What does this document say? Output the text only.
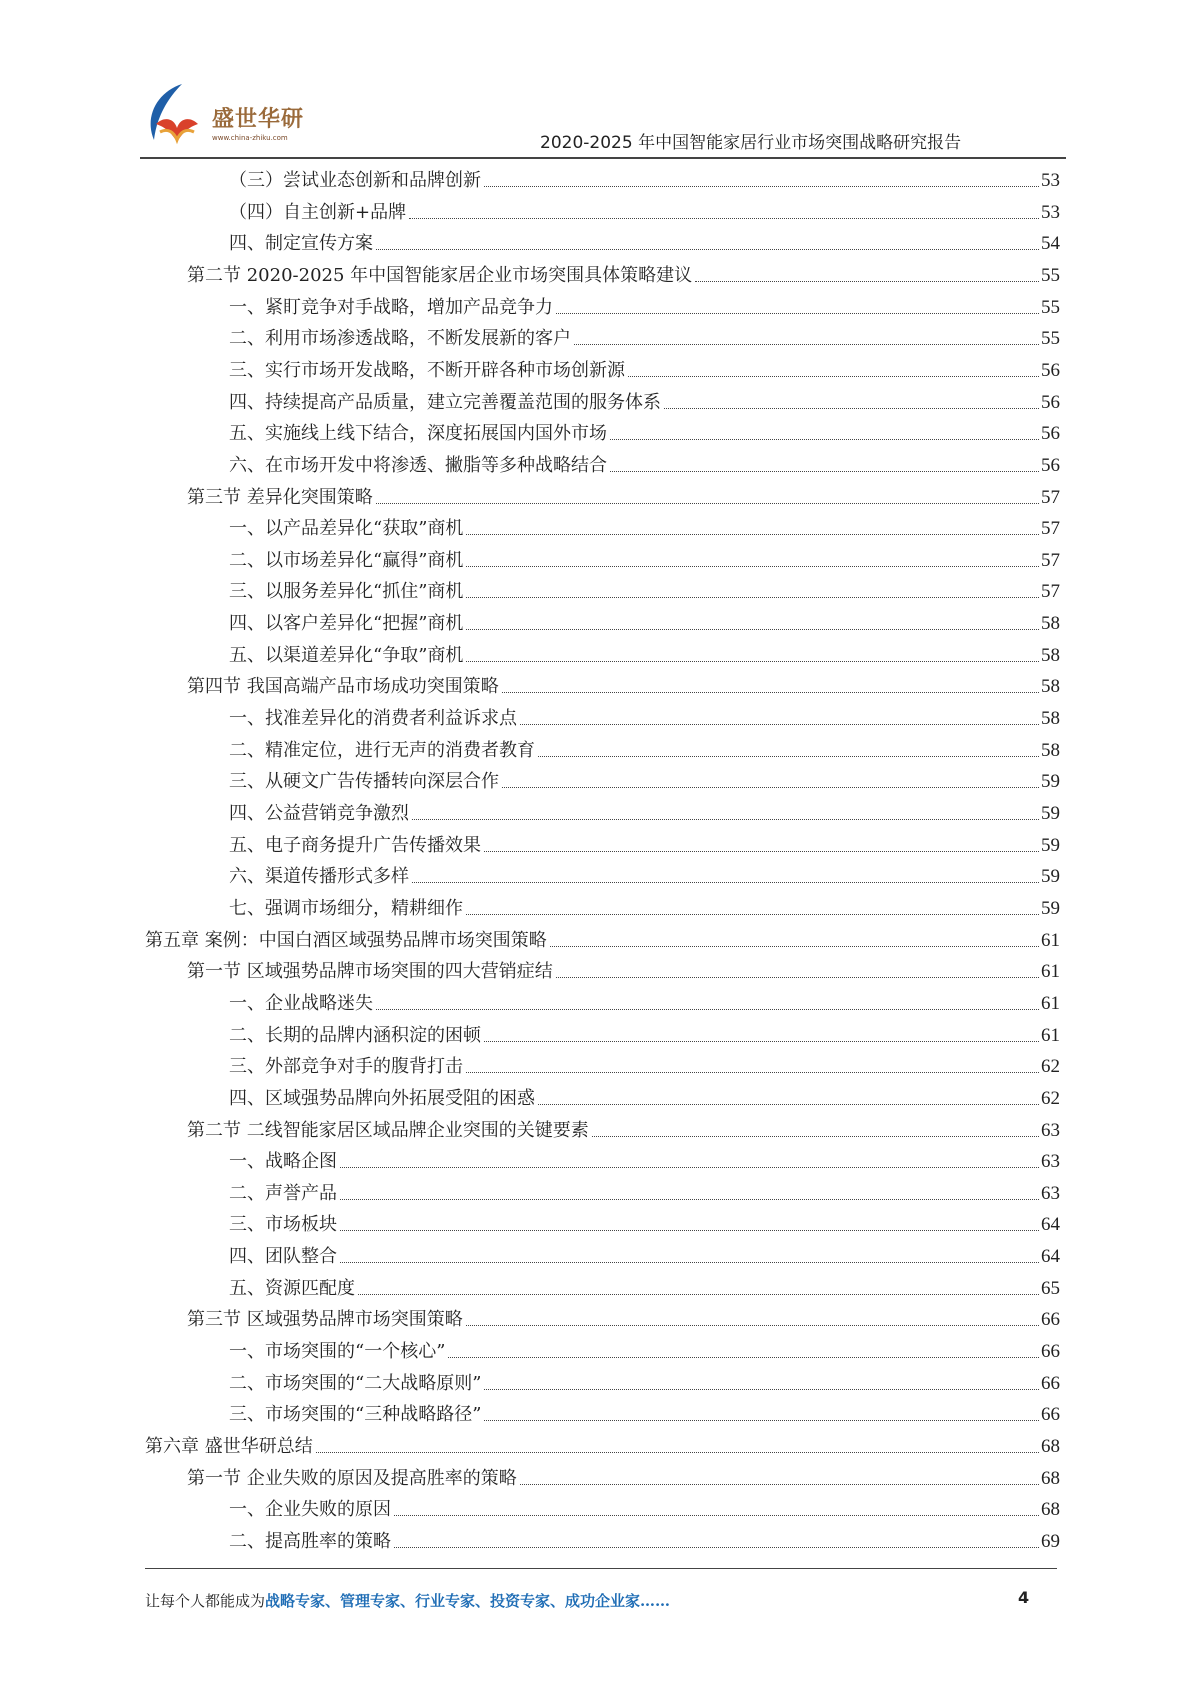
盛世华研
www.china-zhiku.com	2020-2025 年中国智能家居行业市场突围战略研究报告
（三）尝试业态创新和品牌创新	53
（四）自主创新+品牌	53
四、制定宣传方案	54
第二节 2020-2025 年中国智能家居企业市场突围具体策略建议	55
一、紧盯竞争对手战略，增加产品竞争力	55
二、利用市场渗透战略，不断发展新的客户	55
三、实行市场开发战略，不断开辟各种市场创新源	56
四、持续提高产品质量，建立完善覆盖范围的服务体系	56
五、实施线上线下结合，深度拓展国内国外市场	56
六、在市场开发中将渗透、撇脂等多种战略结合	56
第三节 差异化突围策略	57
一、以产品差异化“获取”商机	57
二、以市场差异化“赢得”商机	57
三、以服务差异化“抓住”商机	57
四、以客户差异化“把握”商机	58
五、以渠道差异化“争取”商机	58
第四节 我国高端产品市场成功突围策略	58
一、找准差异化的消费者利益诉求点	58
二、精准定位，进行无声的消费者教育	58
三、从硬文广告传播转向深层合作	59
四、公益营销竞争激烈	59
五、电子商务提升广告传播效果	59
六、渠道传播形式多样	59
七、强调市场细分，精耕细作	59
第五章 案例：中国白酒区域强势品牌市场突围策略	61
第一节 区域强势品牌市场突围的四大营销症结	61
一、企业战略迷失	61
二、长期的品牌内涵积淀的困顿	61
三、外部竞争对手的腹背打击	62
四、区域强势品牌向外拓展受阻的困惑	62
第二节 二线智能家居区域品牌企业突围的关键要素	63
一、战略企图	63
二、声誉产品	63
三、市场板块	64
四、团队整合	64
五、资源匹配度	65
第三节 区域强势品牌市场突围策略	66
一、市场突围的“一个核心”	66
二、市场突围的“二大战略原则”	66
三、市场突围的“三种战略路径”	66
第六章 盛世华研总结	68
第一节 企业失败的原因及提高胜率的策略	68
一、企业失败的原因	68
二、提高胜率的策略	69
让每个人都能成为战略专家、管理专家、行业专家、投资专家、成功企业家……	4
